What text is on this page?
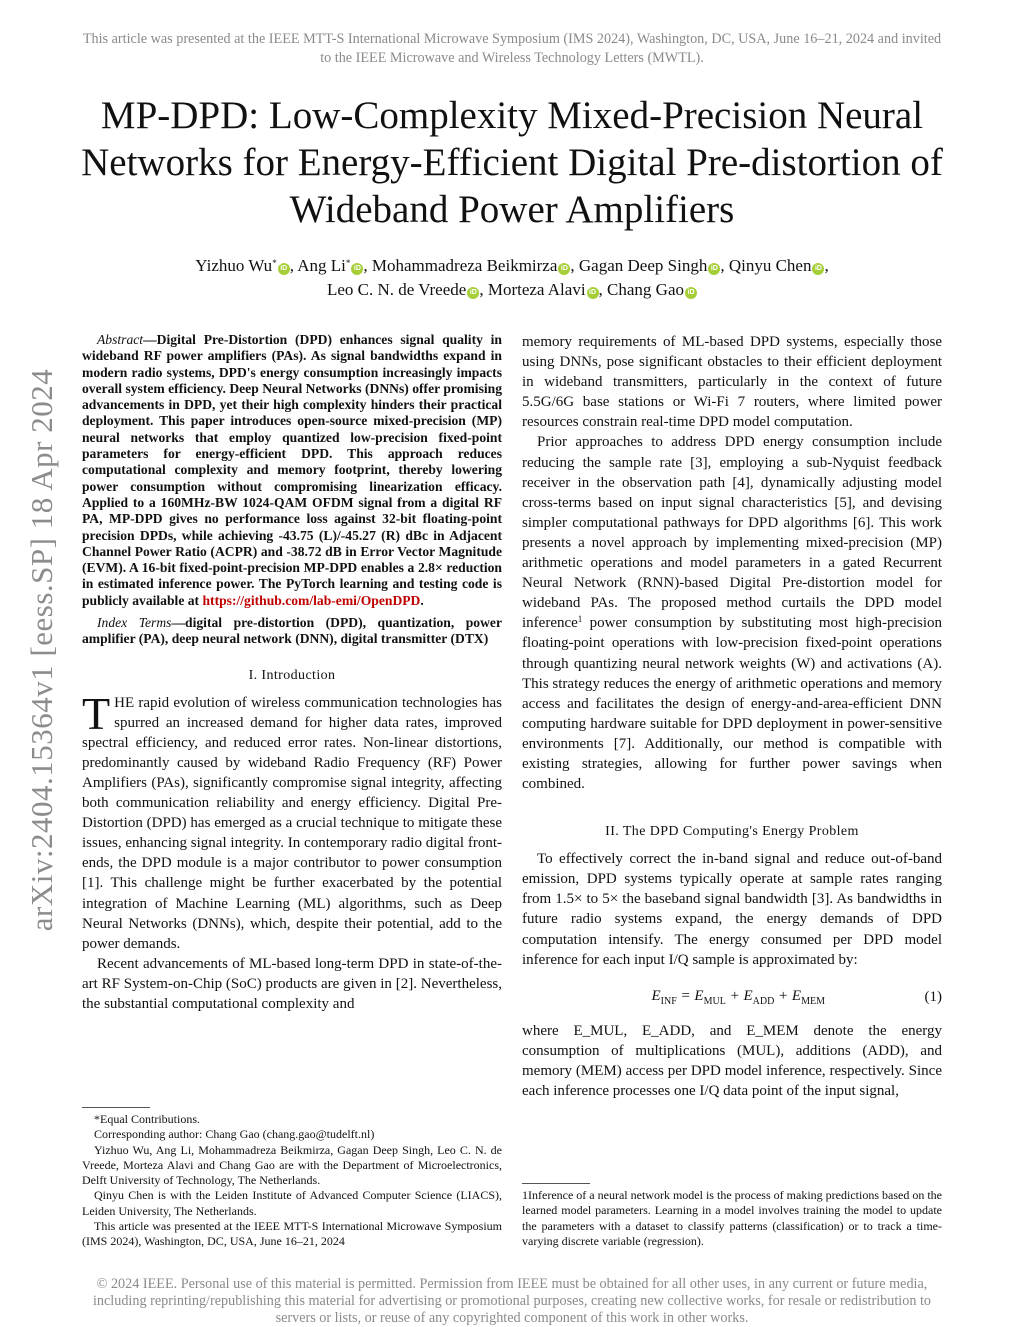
This article was presented at the IEEE MTT-S International Microwave Symposium (IMS 2024), Washington, DC, USA, June 16–21, 2024 and invited to the IEEE Microwave and Wireless Technology Letters (MWTL).
arXiv:2404.15364v1 [eess.SP] 18 Apr 2024
MP-DPD: Low-Complexity Mixed-Precision Neural Networks for Energy-Efficient Digital Pre-distortion of Wideband Power Amplifiers
Yizhuo Wu*iD , Ang Li*iD , Mohammadreza Beikmirza iD , Gagan Deep Singh iD , Qinyu Chen iD ,
Leo C. N. de Vreede iD , Morteza Alavi iD , Chang Gao iD

Abstract—Digital Pre-Distortion (DPD) enhances signal quality in wideband RF power amplifiers (PAs). As signal bandwidths expand in modern radio systems, DPD's energy consumption increasingly impacts overall system efficiency. Deep Neural Networks (DNNs) offer promising advancements in DPD, yet their high complexity hinders their practical deployment. This paper introduces open-source mixed-precision (MP) neural networks that employ quantized low-precision fixed-point parameters for energy-efficient DPD. This approach reduces computational complexity and memory footprint, thereby lowering power consumption without compromising linearization efficacy. Applied to a 160MHz-BW 1024-QAM OFDM signal from a digital RF PA, MP-DPD gives no performance loss against 32-bit floating-point precision DPDs, while achieving -43.75 (L)/-45.27 (R) dBc in Adjacent Channel Power Ratio (ACPR) and -38.72 dB in Error Vector Magnitude (EVM). A 16-bit fixed-point-precision MP-DPD enables a 2.8× reduction in estimated inference power. The PyTorch learning and testing code is publicly available at https://github.com/lab-emi/OpenDPD.

Index Terms—digital pre-distortion (DPD), quantization, power amplifier (PA), deep neural network (DNN), digital transmitter (DTX)

I. Introduction

THE rapid evolution of wireless communication technologies has spurred an increased demand for higher data rates, improved spectral efficiency, and reduced error rates. Non-linear distortions, predominantly caused by wideband Radio Frequency (RF) Power Amplifiers (PAs), significantly compromise signal integrity, affecting both communication reliability and energy efficiency. Digital Pre-Distortion (DPD) has emerged as a crucial technique to mitigate these issues, enhancing signal integrity. In contemporary radio digital front-ends, the DPD module is a major contributor to power consumption [1]. This challenge might be further exacerbated by the potential integration of Machine Learning (ML) algorithms, such as Deep Neural Networks (DNNs), which, despite their potential, add to the power demands.

Recent advancements of ML-based long-term DPD in state-of-the-art RF System-on-Chip (SoC) products are given in [2]. Nevertheless, the substantial computational complexity and

*Equal Contributions.
Corresponding author: Chang Gao (chang.gao@tudelft.nl)
Yizhuo Wu, Ang Li, Mohammadreza Beikmirza, Gagan Deep Singh, Leo C. N. de Vreede, Morteza Alavi and Chang Gao are with the Department of Microelectronics, Delft University of Technology, The Netherlands.
Qinyu Chen is with the Leiden Institute of Advanced Computer Science (LIACS), Leiden University, The Netherlands.
This article was presented at the IEEE MTT-S International Microwave Symposium (IMS 2024), Washington, DC, USA, June 16–21, 2024

memory requirements of ML-based DPD systems, especially those using DNNs, pose significant obstacles to their efficient deployment in wideband transmitters, particularly in the context of future 5.5G/6G base stations or Wi-Fi 7 routers, where limited power resources constrain real-time DPD model computation.

Prior approaches to address DPD energy consumption include reducing the sample rate [3], employing a sub-Nyquist feedback receiver in the observation path [4], dynamically adjusting model cross-terms based on input signal characteristics [5], and devising simpler computational pathways for DPD algorithms [6]. This work presents a novel approach by implementing mixed-precision (MP) arithmetic operations and model parameters in a gated Recurrent Neural Network (RNN)-based Digital Pre-distortion model for wideband PAs. The proposed method curtails the DPD model inference$^1$ power consumption by substituting most high-precision floating-point operations with low-precision fixed-point operations through quantizing neural network weights (W) and activations (A). This strategy reduces the energy of arithmetic operations and memory access and facilitates the design of energy-and-area-efficient DNN computing hardware suitable for DPD deployment in power-sensitive environments [7]. Additionally, our method is compatible with existing strategies, allowing for further power savings when combined.

II. The DPD Computing's Energy Problem

To effectively correct the in-band signal and reduce out-of-band emission, DPD systems typically operate at sample rates ranging from 1.5× to 5× the baseband signal bandwidth [3]. As bandwidths in future radio systems expand, the energy demands of DPD computation intensify. The energy consumed per DPD model inference for each input I/Q sample is approximated by:

$E_{INF} = E_{MUL} + E_{ADD} + E_{MEM}$	(1)

where E_MUL, E_ADD, and E_MEM denote the energy consumption of multiplications (MUL), additions (ADD), and memory (MEM) access per DPD model inference, respectively. Since each inference processes one I/Q data point of the input signal,

1Inference of a neural network model is the process of making predictions based on the learned model parameters. Learning in a model involves training the model to update the parameters with a dataset to classify patterns (classification) or to track a time-varying discrete variable (regression).
© 2024 IEEE. Personal use of this material is permitted. Permission from IEEE must be obtained for all other uses, in any current or future media, including reprinting/republishing this material for advertising or promotional purposes, creating new collective works, for resale or redistribution to servers or lists, or reuse of any copyrighted component of this work in other works.
